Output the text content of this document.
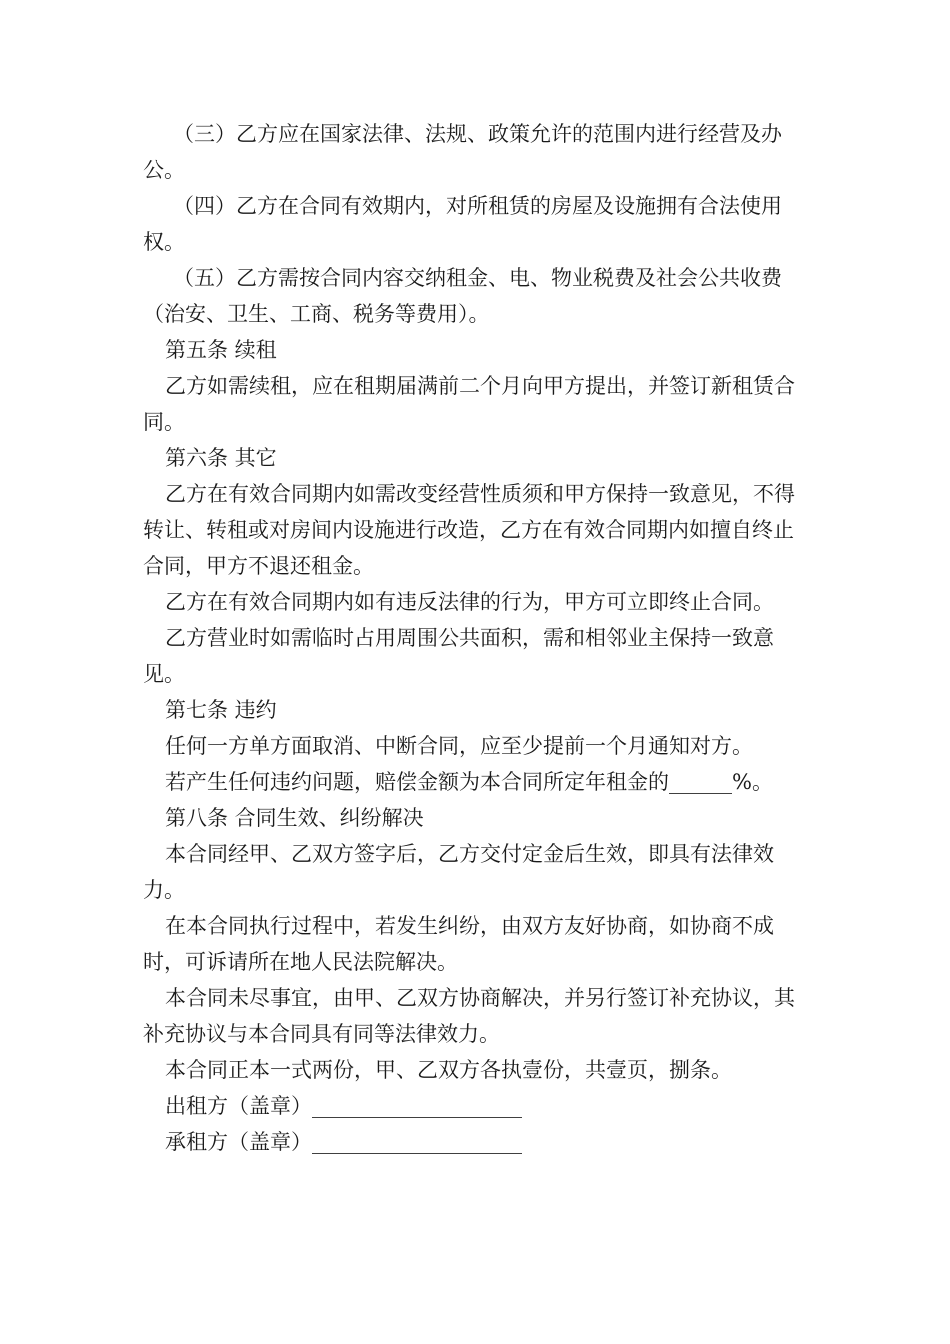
（三）乙方应在国家法律、法规、政策允许的范围内进行经营及办公。

（四）乙方在合同有效期内，对所租赁的房屋及设施拥有合法使用权。

（五）乙方需按合同内容交纳租金、电、物业税费及社会公共收费（治安、卫生、工商、税务等费用）。

第五条 续租

乙方如需续租，应在租期届满前二个月向甲方提出，并签订新租赁合同。

第六条 其它

乙方在有效合同期内如需改变经营性质须和甲方保持一致意见，不得转让、转租或对房间内设施进行改造，乙方在有效合同期内如擅自终止合同，甲方不退还租金。

乙方在有效合同期内如有违反法律的行为，甲方可立即终止合同。

乙方营业时如需临时占用周围公共面积，需和相邻业主保持一致意见。

第七条 违约

任何一方单方面取消、中断合同，应至少提前一个月通知对方。

若产生任何违约问题，赔偿金额为本合同所定年租金的______%。

第八条 合同生效、纠纷解决

本合同经甲、乙双方签字后，乙方交付定金后生效，即具有法律效力。

在本合同执行过程中，若发生纠纷，由双方友好协商，如协商不成时，可诉请所在地人民法院解决。

本合同未尽事宜，由甲、乙双方协商解决，并另行签订补充协议，其补充协议与本合同具有同等法律效力。

本合同正本一式两份，甲、乙双方各执壹份，共壹页，捌条。

出租方（盖章）____________________

承租方（盖章）____________________
